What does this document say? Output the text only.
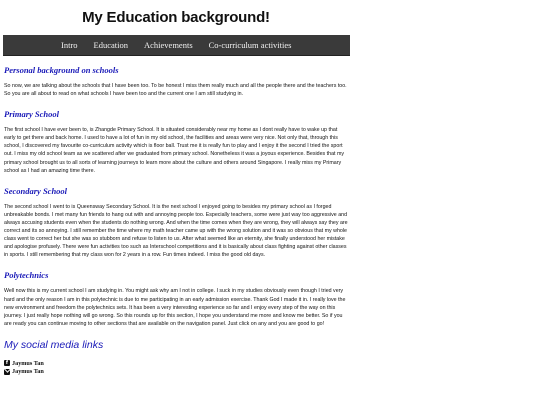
My Education background!
Intro Education Achievements Co-curriculum activities
Personal background on schools

So now, we are talking about the schools that I have been too. To be honest I miss them really much and all the people there and the teachers too. So you are all about to read on what schools I have been too and the current one I am still studying in.

Primary School

The first school I have ever been to, is Zhangde Primary School. It is situated considerably near my home as I dont really have to wake up that early to get there and back home. I used to have a lot of fun in my old school, the facilities and areas were very nice. Not only that, through this school, I discovered my favourite co-curriculum activity which is floor ball. Trust me it is really fun to play and I enjoy it the second I tried the sport out. I miss my old school team as we scattered after we graduated from primary school. Nonetheless it was a joyous experience. Besides that my primary school brought us to all sorts of learning journeys to learn more about the culture and others around Singapore. I really miss my Primary school as I had an amazing time there.

Secondary School

The second school I went to is Queensway Secondary School. It is the next school I enjoyed going to besides my primary school as I forged unbreakable bonds. I met many fun friends to hang out with and annoying people too. Especially teachers, some were just way too aggressive and always accusing students even when the students do nothing wrong. And when the time comes when they are wrong, they will always say they are correct and its so annoying. I still remember the time where my math teacher came up with the wrong solution and it was so obvious that my whole class went to correct her but she was so stubborn and refuse to listen to us. After what seemed like an eternity, she finally understood her mistake and apologise profusely. There were fun activities too such as Interschool competitions and it is basically about class fighting against other classes in sports. I still remembering that my class won for 2 years in a row. Fun times indeed. I miss the good old days.

Polytechnics

Well now this is my current school I am studying in. You might ask why am I not in college. I suck in my studies obviously even though I tried very hard and the only reason I am in this polytechnic is due to me participating in an early admission exercise. Thank God I made it in. I really love the new environment and freedom the polytechnics sets. It has been a very interesting experience so far and I enjoy every step of the way on this journey. I just really hope nothing will go wrong. So this rounds up for this section, I hope you understand me more and know me better. So if you are ready you can continue moving to other sections that are available on the navigation panel. Just click on any and you are good to go!

My social media links
f Jaymus Tan
Jaymus Tan
